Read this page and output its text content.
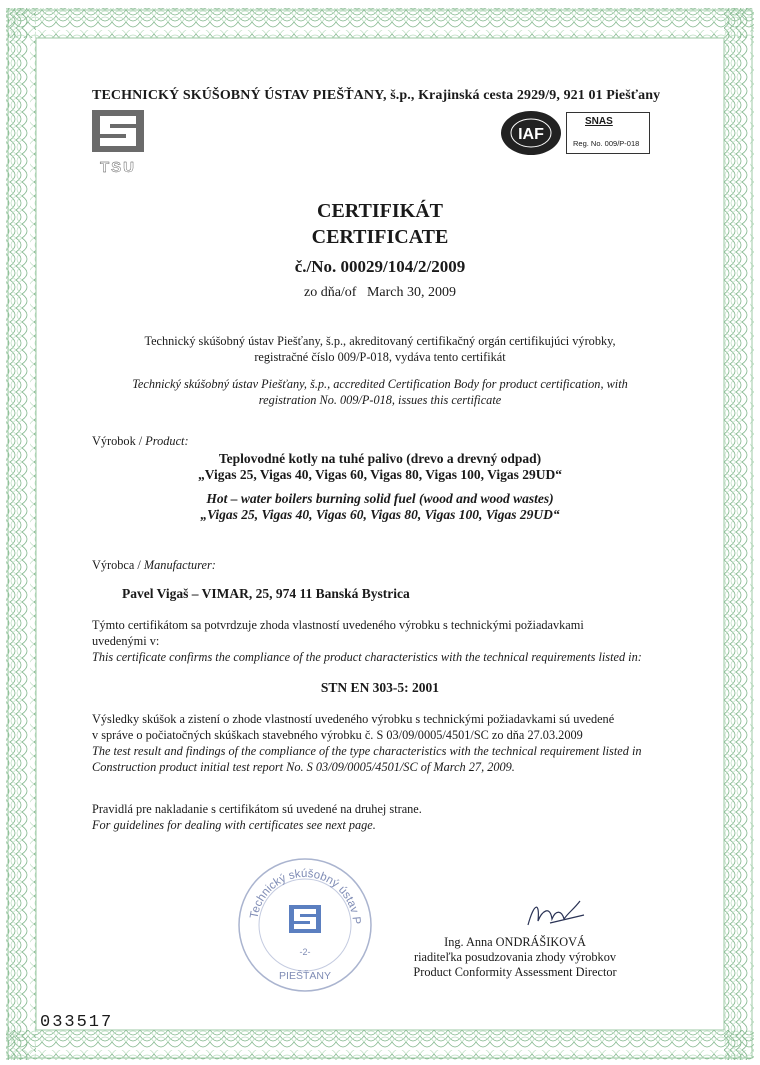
TECHNICKÝ SKÚŠOBNÝ ÚSTAV PIEŠŤANY, š.p., Krajinská cesta 2929/9, 921 01 Piešťany
TSU
IAF
SNAS
Reg. No. 009/P-018
CERTIFIKÁT
CERTIFICATE
č./No. 00029/104/2/2009
zo dňa/of   March 30, 2009
Technický skúšobný ústav Piešťany, š.p., akreditovaný certifikačný orgán certifikujúci výrobky,
registračné číslo 009/P-018, vydáva tento certifikát
Technický skúšobný ústav Piešťany, š.p., accredited Certification Body for product certification, with
registration No. 009/P-018, issues this certificate
Výrobok / Product:
Teplovodné kotly na tuhé palivo (drevo a drevný odpad)
„Vigas 25, Vigas 40, Vigas 60, Vigas 80, Vigas 100, Vigas 29UD“
Hot – water boilers burning solid fuel (wood and wood wastes)
„Vigas 25, Vigas 40, Vigas 60, Vigas 80, Vigas 100, Vigas 29UD“
Výrobca / Manufacturer:
Pavel Vigaš – VIMAR, 25, 974 11 Banská Bystrica
Týmto certifikátom sa potvrdzuje zhoda vlastností uvedeného výrobku s technickými požiadavkami
uvedenými v:
This certificate confirms the compliance of the product characteristics with the technical requirements listed in:
STN EN 303-5: 2001
Výsledky skúšok a zistení o zhode vlastností uvedeného výrobku s technickými požiadavkami sú uvedené
v správe o počiatočných skúškach stavebného výrobku č. S 03/09/0005/4501/SC zo dňa 27.03.2009
The test result and findings of the compliance of the type characteristics with the technical requirement listed in
Construction product initial test report No. S 03/09/0005/4501/SC of March 27, 2009.
Pravidlá pre nakladanie s certifikátom sú uvedené na druhej strane.
For guidelines for dealing with certificates see next page.
Technický skúšobný ústav P
-2-
PIEŠŤANY
Ing. Anna ONDRÁŠIKOVÁ
riaditeľka posudzovania zhody výrobkov
Product Conformity Assessment Director
033517
